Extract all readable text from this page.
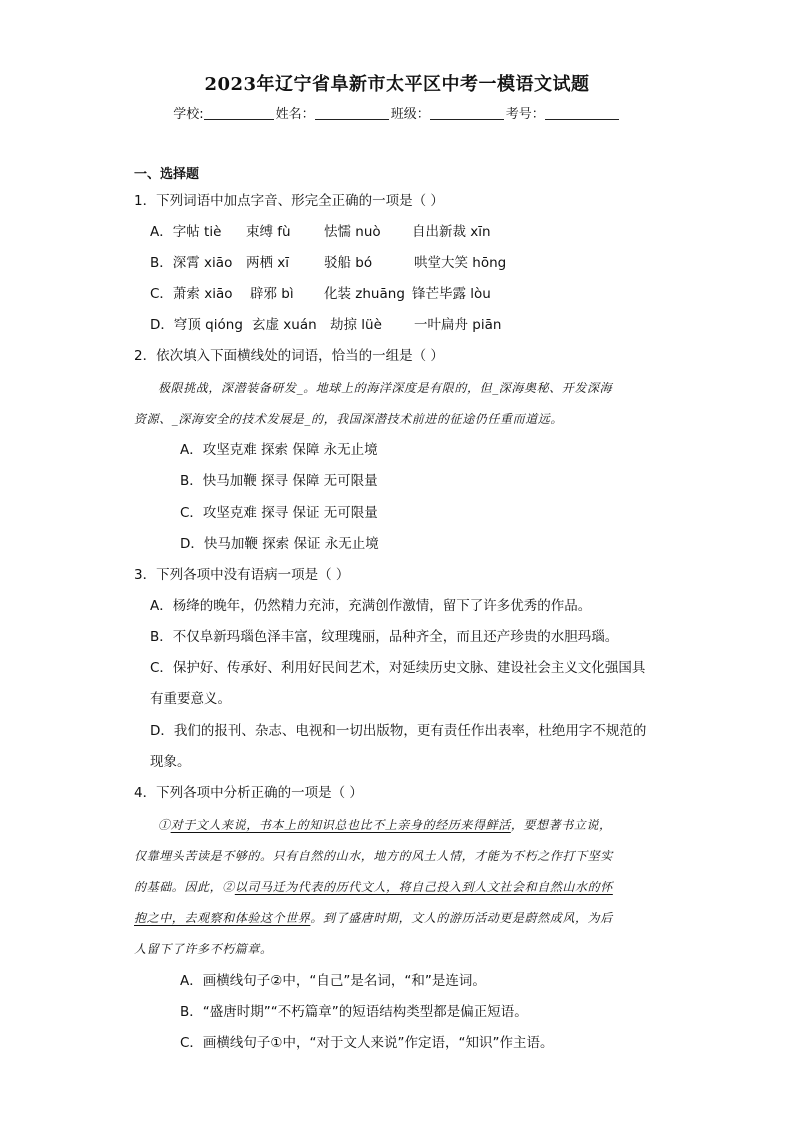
2023年辽宁省阜新市太平区中考一模语文试题
学校:	姓名：	班级：	考号：
一、选择题
1．下列词语中加点字音、形完全正确的一项是（ ）
A．字帖 tiè 束缚 fù 怯懦 nuò 自出新裁 xīn
B．深霄 xiāo 两栖 xī	驳船 bó	哄堂大笑 hōng
C．萧索 xiāo 辟邪 bì 化装 zhuāng 锋芒毕露 lòu
D．穹顶 qióng 玄虚 xuán 劫掠 lüè 一叶扁舟 piān
2．依次填入下面横线处的词语，恰当的一组是（ ）
极限挑战，深潜装备研发_。地球上的海洋深度是有限的，但_深海奥秘、开发深海
资源、_深海安全的技术发展是_的，我国深潜技术前进的征途仍任重而道远。
A．攻坚克难 探索 保障 永无止境
B．快马加鞭 探寻 保障 无可限量
C．攻坚克难 探寻 保证 无可限量
D．快马加鞭 探索 保证 永无止境
3．下列各项中没有语病一项是（ ）
A．杨绛的晚年，仍然精力充沛，充满创作激情，留下了许多优秀的作品。
B．不仅阜新玛瑙色泽丰富，纹理瑰丽，品种齐全，而且还产珍贵的水胆玛瑙。
C．保护好、传承好、利用好民间艺术，对延续历史文脉、建设社会主义文化强国具
有重要意义。
D．我们的报刊、杂志、电视和一切出版物，更有责任作出表率，杜绝用字不规范的
现象。
4．下列各项中分析正确的一项是（ ）
①对于文人来说，书本上的知识总也比不上亲身的经历来得鲜活，要想著书立说，
仅靠埋头苦读是不够的。只有自然的山水，地方的风土人情，才能为不朽之作打下坚实
的基础。因此，②以司马迁为代表的历代文人，将自己投入到人文社会和自然山水的怀
抱之中，去观察和体验这个世界。到了盛唐时期，文人的游历活动更是蔚然成风，为后
人留下了许多不朽篇章。
A．画横线句子②中，“自己”是名词，“和”是连词。
B．“盛唐时期”“不朽篇章”的短语结构类型都是偏正短语。
C．画横线句子①中，“对于文人来说”作定语，“知识”作主语。
